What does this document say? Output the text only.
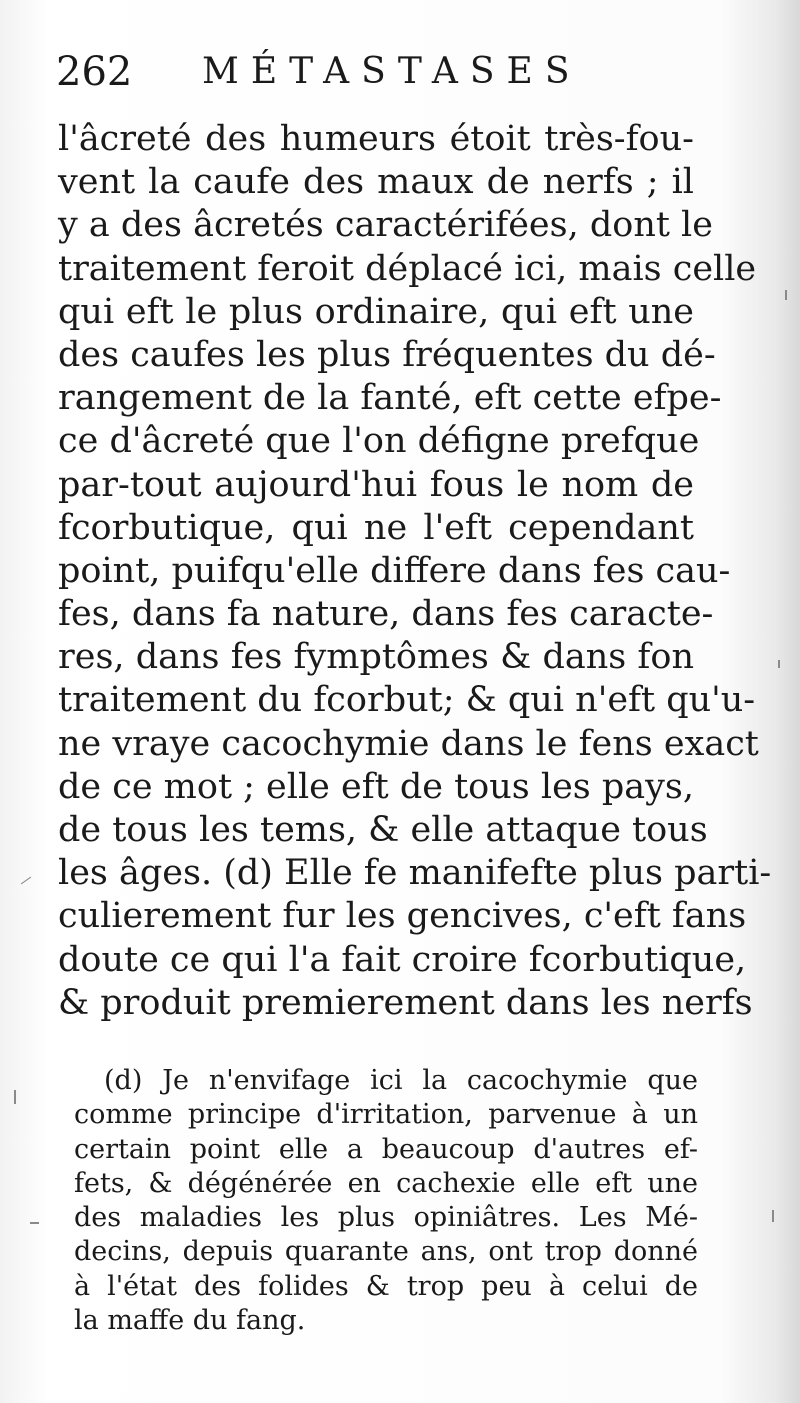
262 MÉTASTASES
l'âcreté des humeurs étoit très-fou-
vent la caufe des maux de nerfs ; il
y a des âcretés caractérifées, dont le
traitement feroit déplacé ici, mais celle
qui eft le plus ordinaire, qui eft une
des caufes les plus fréquentes du dé-
rangement de la fanté, eft cette efpe-
ce d'âcreté que l'on défigne prefque
par-tout aujourd'hui fous le nom de
fcorbutique, qui ne l'eft cependant
point, puifqu'elle differe dans fes cau-
fes, dans fa nature, dans fes caracte-
res, dans fes fymptômes & dans fon
traitement du fcorbut; & qui n'eft qu'u-
ne vraye cacochymie dans le fens exact
de ce mot ; elle eft de tous les pays,
de tous les tems, & elle attaque tous
les âges. (d) Elle fe manifefte plus parti-
culierement fur les gencives, c'eft fans
doute ce qui l'a fait croire fcorbutique,
& produit premierement dans les nerfs
(d) Je n'envifage ici la cacochymie que
comme principe d'irritation, parvenue à un
certain point elle a beaucoup d'autres ef-
fets, & dégénérée en cachexie elle eft une
des maladies les plus opiniâtres. Les Mé-
decins, depuis quarante ans, ont trop donné
à l'état des folides & trop peu à celui de
la maffe du fang.
